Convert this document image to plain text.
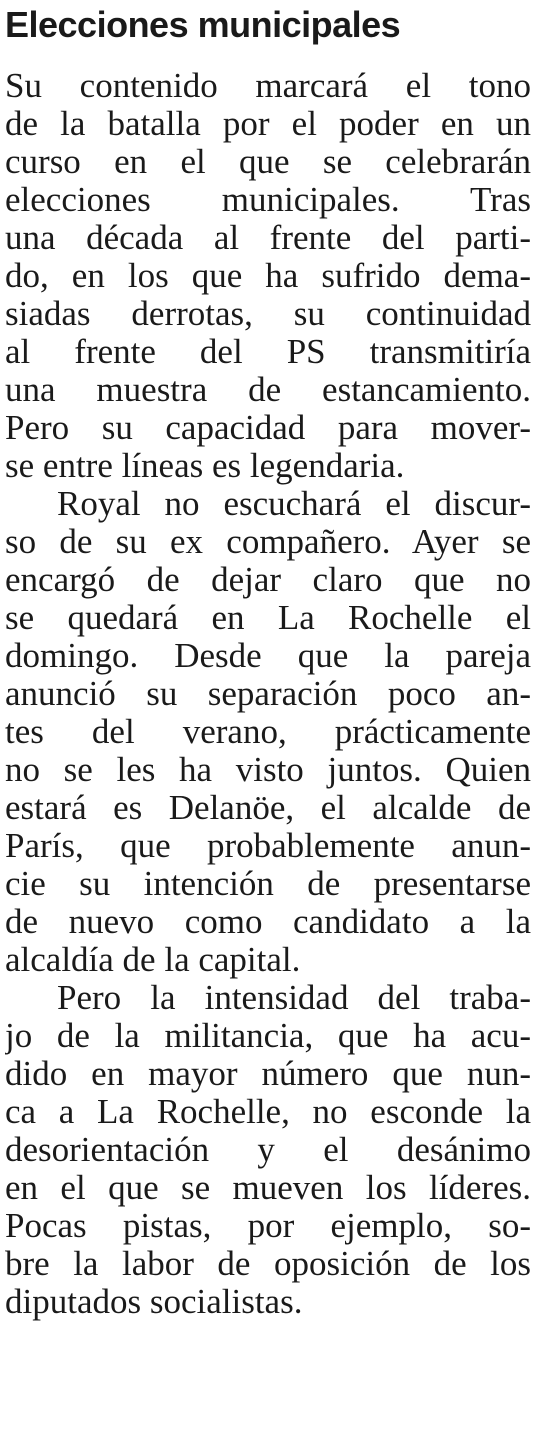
Elecciones municipales
Su contenido marcará el tono
de la batalla por el poder en un
curso en el que se celebrarán
elecciones municipales. Tras
una década al frente del parti-
do, en los que ha sufrido dema-
siadas derrotas, su continuidad
al frente del PS transmitiría
una muestra de estancamiento.
Pero su capacidad para mover-
se entre líneas es legendaria.
Royal no escuchará el discur-
so de su ex compañero. Ayer se
encargó de dejar claro que no
se quedará en La Rochelle el
domingo. Desde que la pareja
anunció su separación poco an-
tes del verano, prácticamente
no se les ha visto juntos. Quien
estará es Delanöe, el alcalde de
París, que probablemente anun-
cie su intención de presentarse
de nuevo como candidato a la
alcaldía de la capital.
Pero la intensidad del traba-
jo de la militancia, que ha acu-
dido en mayor número que nun-
ca a La Rochelle, no esconde la
desorientación y el desánimo
en el que se mueven los líderes.
Pocas pistas, por ejemplo, so-
bre la labor de oposición de los
diputados socialistas.
